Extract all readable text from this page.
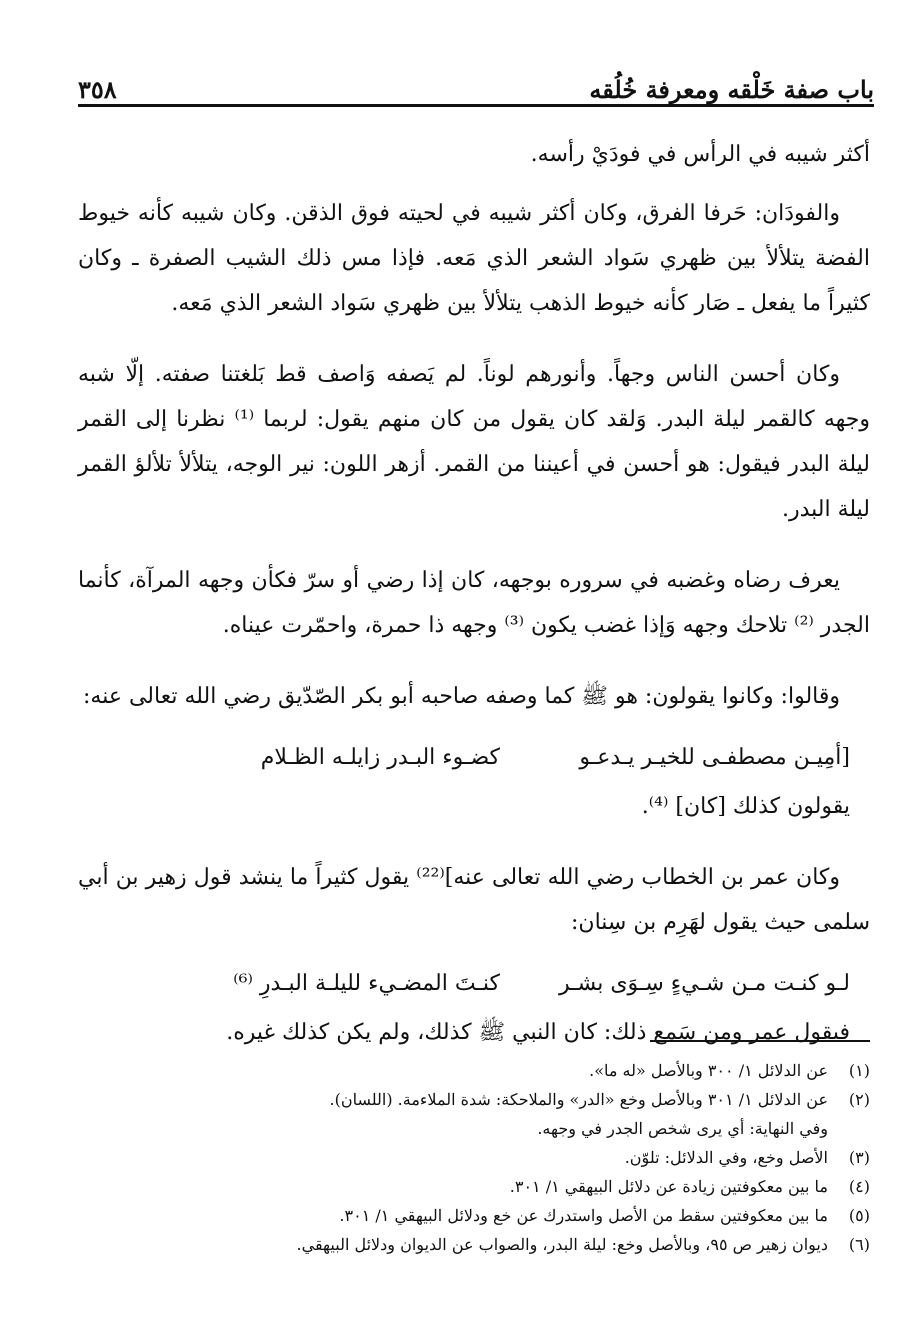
باب صفة خَلْقه ومعرفة خُلُقه
٣٥٨

أكثر شيبه في الرأس في فودَيْ رأسه.

والفودَان: حَرفا الفرق، وكان أكثر شيبه في لحيته فوق الذقن. وكان شيبه كأنه خيوط الفضة يتلألأ بين ظهري سَواد الشعر الذي مَعه. فإذا مس ذلك الشيب الصفرة ـ وكان كثيراً ما يفعل ـ صَار كأنه خيوط الذهب يتلألأ بين ظهري سَواد الشعر الذي مَعه.

وكان أحسن الناس وجهاً. وأنورهم لوناً. لم يَصفه وَاصف قط بَلغتنا صفته. إلّا شبه وجهه كالقمر ليلة البدر. وَلقد كان يقول من كان منهم يقول: لربما ⁽¹⁾ نظرنا إلى القمر ليلة البدر فيقول: هو أحسن في أعيننا من القمر. أزهر اللون: نير الوجه، يتلألأ تلألؤ القمر ليلة البدر.

يعرف رضاه وغضبه في سروره بوجهه، كان إذا رضي أو سرّ فكأن وجهه المرآة، كأنما الجدر ⁽²⁾ تلاحك وجهه وَإذا غضب يكون ⁽³⁾ وجهه ذا حمرة، واحمّرت عيناه.

وقالوا: وكانوا يقولون: هو ﷺ كما وصفه صاحبه أبو بكر الصّدّيق رضي الله تعالى عنه:

[أمِيـن مصطفـى للخيـر يـدعـو
كضـوء البـدر زايلـه الظـلام

يقولون كذلك [كان] ⁽⁴⁾.

وكان عمر بن الخطاب رضي الله تعالى عنه]⁽²²⁾ يقول كثيراً ما ينشد قول زهير بن أبي سلمى حيث يقول لهَرِم بن سِنان:

لـو كنـت مـن شـيءٍ سِـوَى بشـر
كنـتَ المضـيء لليلـة البـدرِ ⁽⁶⁾

فيقول عمر ومن سَمع ذلك: كان النبي ﷺ كذلك، ولم يكن كذلك غيره.

(١)
عن الدلائل ١/ ٣٠٠ وبالأصل «له ما».
(٢)
عن الدلائل ١/ ٣٠١ وبالأصل وخع «الدر» والملاحكة: شدة الملاءمة. (اللسان).
وفي النهاية: أي يرى شخص الجدر في وجهه.
(٣)
الأصل وخع، وفي الدلائل: تلوّن.
(٤)
ما بين معكوفتين زيادة عن دلائل البيهقي ١/ ٣٠١.
(٥)
ما بين معكوفتين سقط من الأصل واستدرك عن خع ودلائل البيهقي ١/ ٣٠١.
(٦)
ديوان زهير ص ٩٥، وبالأصل وخع: ليلة البدر، والصواب عن الديوان ودلائل البيهقي.
